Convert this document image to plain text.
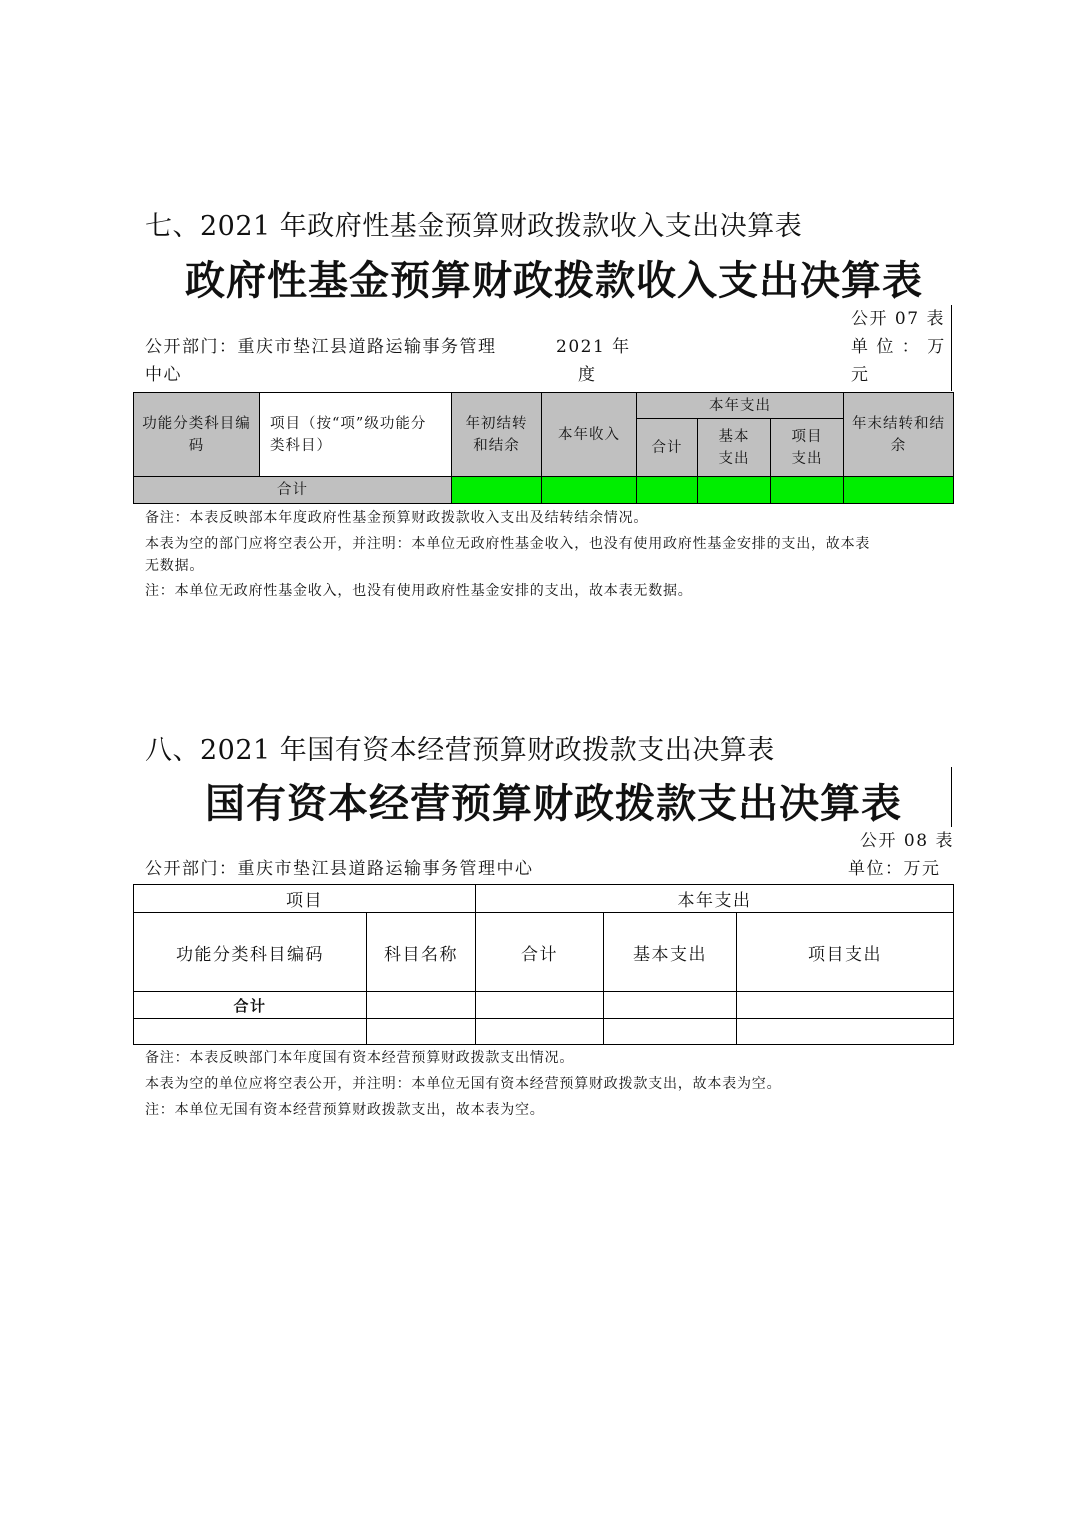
七、2021 年政府性基金预算财政拨款收入支出决算表
政府性基金预算财政拨款收入支出决算表
公开 07 表
单 位 ： 万
元
公开部门：重庆市垫江县道路运输事务管理
中心
2021 年
度
功能分类科目编码	项目（按“项”级功能分类科目）	年初结转和结余	本年收入	本年支出			年末结转和结余

				合计	基本支出	项目支出	

合计							
备注：本表反映部本年度政府性基金预算财政拨款收入支出及结转结余情况。
本表为空的部门应将空表公开，并注明：本单位无政府性基金收入，也没有使用政府性基金安排的支出，故本表
无数据。
注：本单位无政府性基金收入，也没有使用政府性基金安排的支出，故本表无数据。
八、2021 年国有资本经营预算财政拨款支出决算表
国有资本经营预算财政拨款支出决算表
公开 08 表
公开部门：重庆市垫江县道路运输事务管理中心	单位：万元
项目		本年支出		
功能分类科目编码	科目名称	合计	基本支出	项目支出
合计				

备注：本表反映部门本年度国有资本经营预算财政拨款支出情况。
本表为空的单位应将空表公开，并注明：本单位无国有资本经营预算财政拨款支出，故本表为空。
注：本单位无国有资本经营预算财政拨款支出，故本表为空。
